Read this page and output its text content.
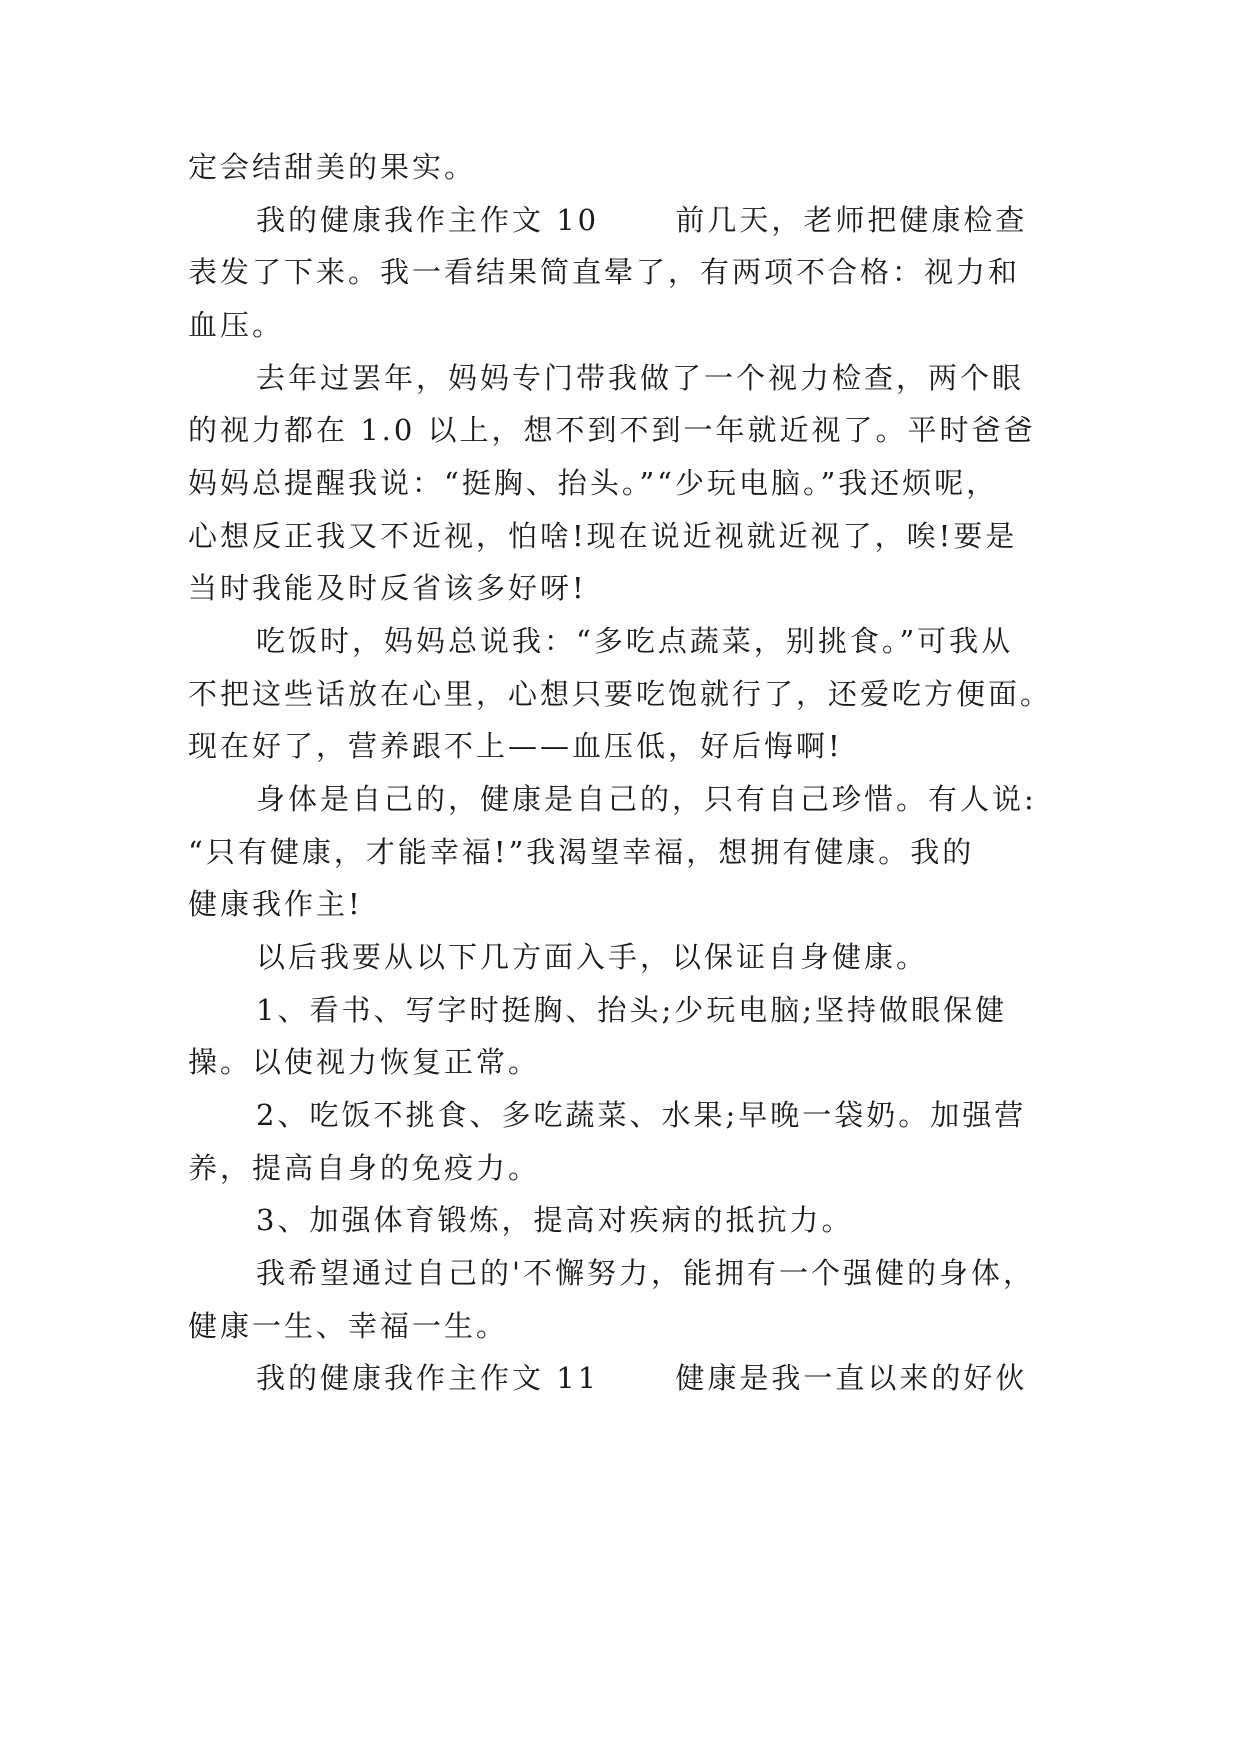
定会结甜美的果实。
我的健康我作主作文 10　　 前几天，老师把健康检查
表发了下来。我一看结果简直晕了，有两项不合格：视力和
血压。
去年过罢年，妈妈专门带我做了一个视力检查，两个眼
的视力都在 1.0 以上，想不到不到一年就近视了。平时爸爸
妈妈总提醒我说：“挺胸、抬头。”“少玩电脑。”我还烦呢，
心想反正我又不近视，怕啥!现在说近视就近视了，唉!要是
当时我能及时反省该多好呀!
吃饭时，妈妈总说我：“多吃点蔬菜，别挑食。”可我从
不把这些话放在心里，心想只要吃饱就行了，还爱吃方便面。
现在好了，营养跟不上——血压低，好后悔啊!
身体是自己的，健康是自己的，只有自己珍惜。有人说:
“只有健康，才能幸福!”我渴望幸福，想拥有健康。我的
健康我作主!
以后我要从以下几方面入手，以保证自身健康。
1、看书、写字时挺胸、抬头;少玩电脑;坚持做眼保健
操。以使视力恢复正常。
2、吃饭不挑食、多吃蔬菜、水果;早晚一袋奶。加强营
养，提高自身的免疫力。
3、加强体育锻炼，提高对疾病的抵抗力。
我希望通过自己的'不懈努力，能拥有一个强健的身体，
健康一生、幸福一生。
我的健康我作主作文 11　　 健康是我一直以来的好伙
